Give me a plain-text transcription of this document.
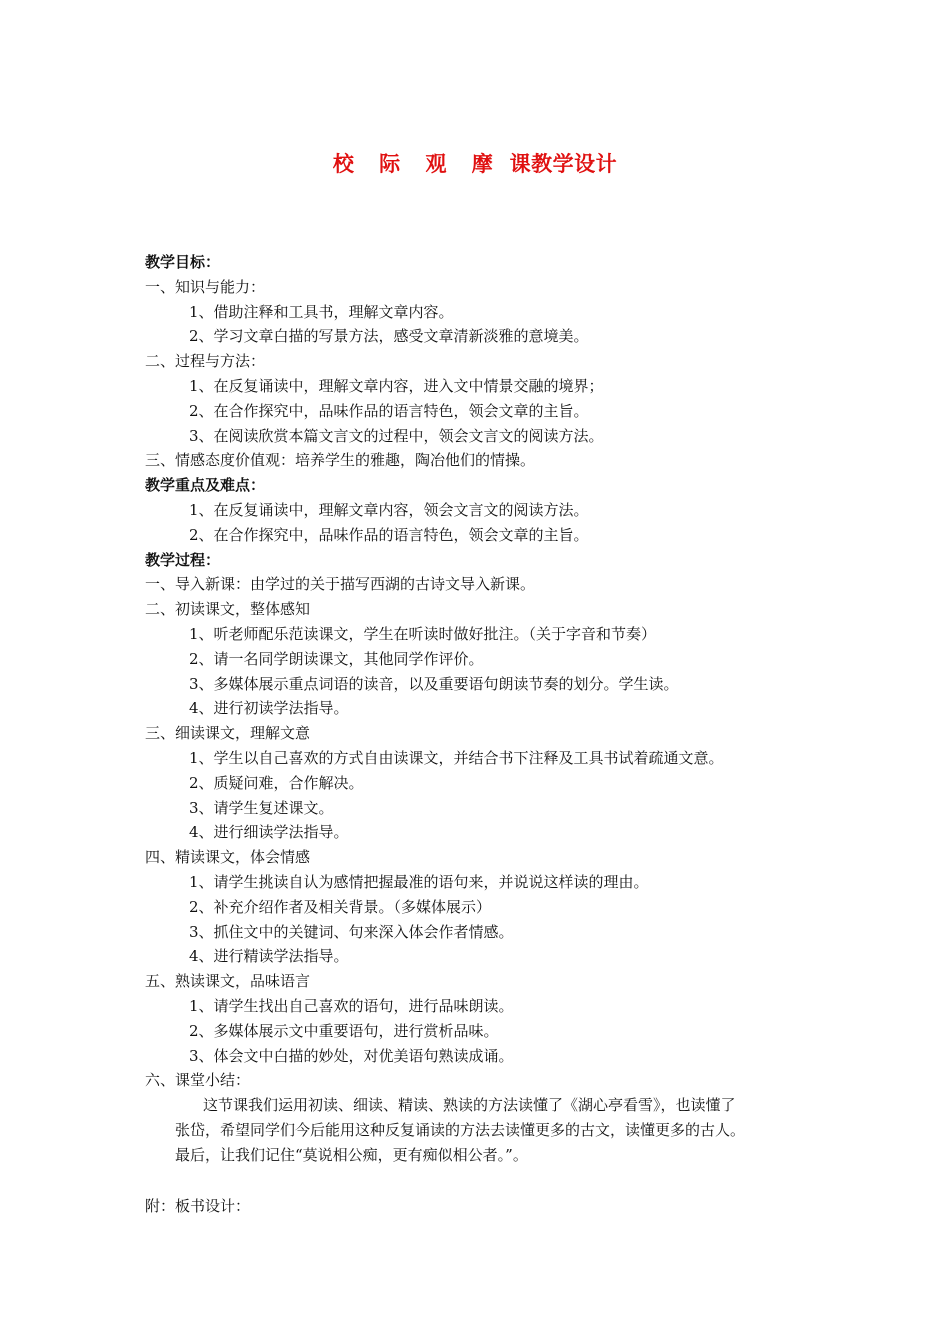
校 际 观 摩 课教学设计
教学目标：
一、知识与能力：
1、借助注释和工具书，理解文章内容。
2、学习文章白描的写景方法，感受文章清新淡雅的意境美。
二、过程与方法：
1、在反复诵读中，理解文章内容，进入文中情景交融的境界；
2、在合作探究中，品味作品的语言特色，领会文章的主旨。
3、在阅读欣赏本篇文言文的过程中，领会文言文的阅读方法。
三、情感态度价值观：培养学生的雅趣，陶冶他们的情操。
教学重点及难点：
1、在反复诵读中，理解文章内容，领会文言文的阅读方法。
2、在合作探究中，品味作品的语言特色，领会文章的主旨。
教学过程：
一、导入新课：由学过的关于描写西湖的古诗文导入新课。
二、初读课文，整体感知
1、听老师配乐范读课文，学生在听读时做好批注。（关于字音和节奏）
2、请一名同学朗读课文，其他同学作评价。
3、多媒体展示重点词语的读音，以及重要语句朗读节奏的划分。学生读。
4、进行初读学法指导。
三、细读课文，理解文意
1、学生以自己喜欢的方式自由读课文，并结合书下注释及工具书试着疏通文意。
2、质疑问难，合作解决。
3、请学生复述课文。
4、进行细读学法指导。
四、精读课文，体会情感
1、请学生挑读自认为感情把握最准的语句来，并说说这样读的理由。
2、补充介绍作者及相关背景。（多媒体展示）
3、抓住文中的关键词、句来深入体会作者情感。
4、进行精读学法指导。
五、熟读课文，品味语言
1、请学生找出自己喜欢的语句，进行品味朗读。
2、多媒体展示文中重要语句，进行赏析品味。
3、体会文中白描的妙处，对优美语句熟读成诵。
六、课堂小结：

这节课我们运用初读、细读、精读、熟读的方法读懂了《湖心亭看雪》，也读懂了

张岱，希望同学们今后能用这种反复诵读的方法去读懂更多的古文，读懂更多的古人。

最后，让我们记住“莫说相公痴，更有痴似相公者。”。

附：板书设计：
